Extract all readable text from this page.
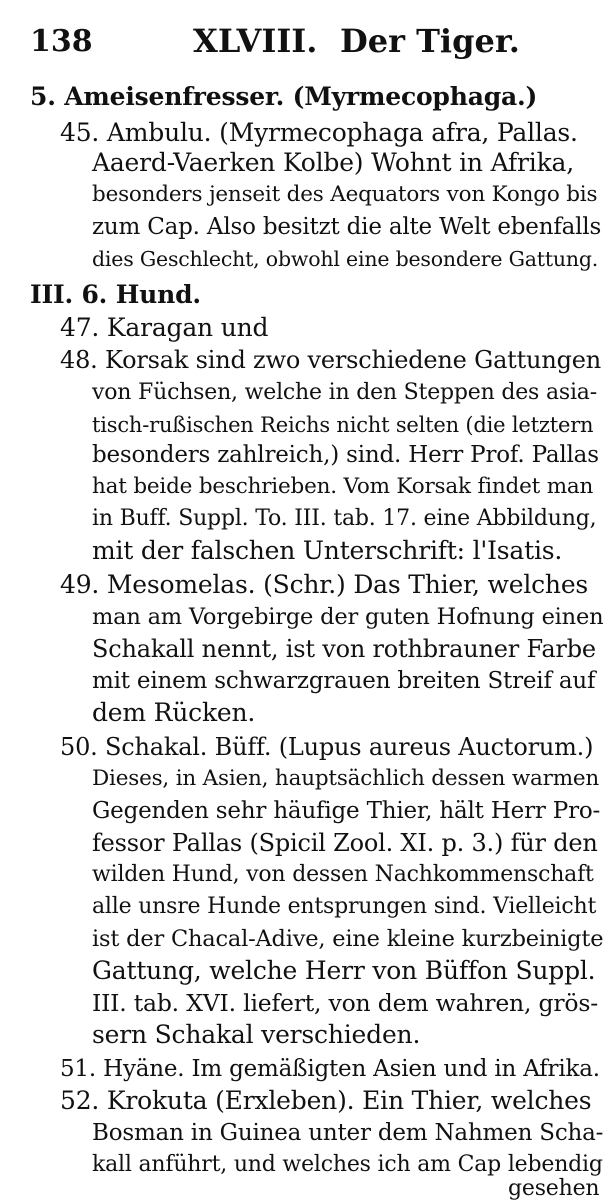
138	XLVIII. Der Tiger.
5. Ameisenfresser. (Myrmecophaga.)
45. Ambulu. (Myrmecophaga afra, Pallas.
Aaerd-Vaerken Kolbe) Wohnt in Afrika,
besonders jenseit des Aequators von Kongo bis
zum Cap. Also besitzt die alte Welt ebenfalls
dies Geschlecht, obwohl eine besondere Gattung.
III. 6. Hund.
47. Karagan und
48. Korsak sind zwo verschiedene Gattungen
von Füchsen, welche in den Steppen des asia-
tisch-rußischen Reichs nicht selten (die letztern
besonders zahlreich,) sind. Herr Prof. Pallas
hat beide beschrieben. Vom Korsak findet man
in Buff. Suppl. To. III. tab. 17. eine Abbildung,
mit der falschen Unterschrift: l'Isatis.
49. Mesomelas. (Schr.) Das Thier, welches
man am Vorgebirge der guten Hofnung einen
Schakall nennt, ist von rothbrauner Farbe
mit einem schwarzgrauen breiten Streif auf
dem Rücken.
50. Schakal. Büff. (Lupus aureus Auctorum.)
Dieses, in Asien, hauptsächlich dessen warmen
Gegenden sehr häufige Thier, hält Herr Pro-
fessor Pallas (Spicil Zool. XI. p. 3.) für den
wilden Hund, von dessen Nachkommenschaft
alle unsre Hunde entsprungen sind. Vielleicht
ist der Chacal-Adive, eine kleine kurzbeinigte
Gattung, welche Herr von Büffon Suppl.
III. tab. XVI. liefert, von dem wahren, grös-
sern Schakal verschieden.
51. Hyäne. Im gemäßigten Asien und in Afrika.
52. Krokuta (Erxleben). Ein Thier, welches
Bosman in Guinea unter dem Nahmen Scha-
kall anführt, und welches ich am Cap lebendig
gesehen
